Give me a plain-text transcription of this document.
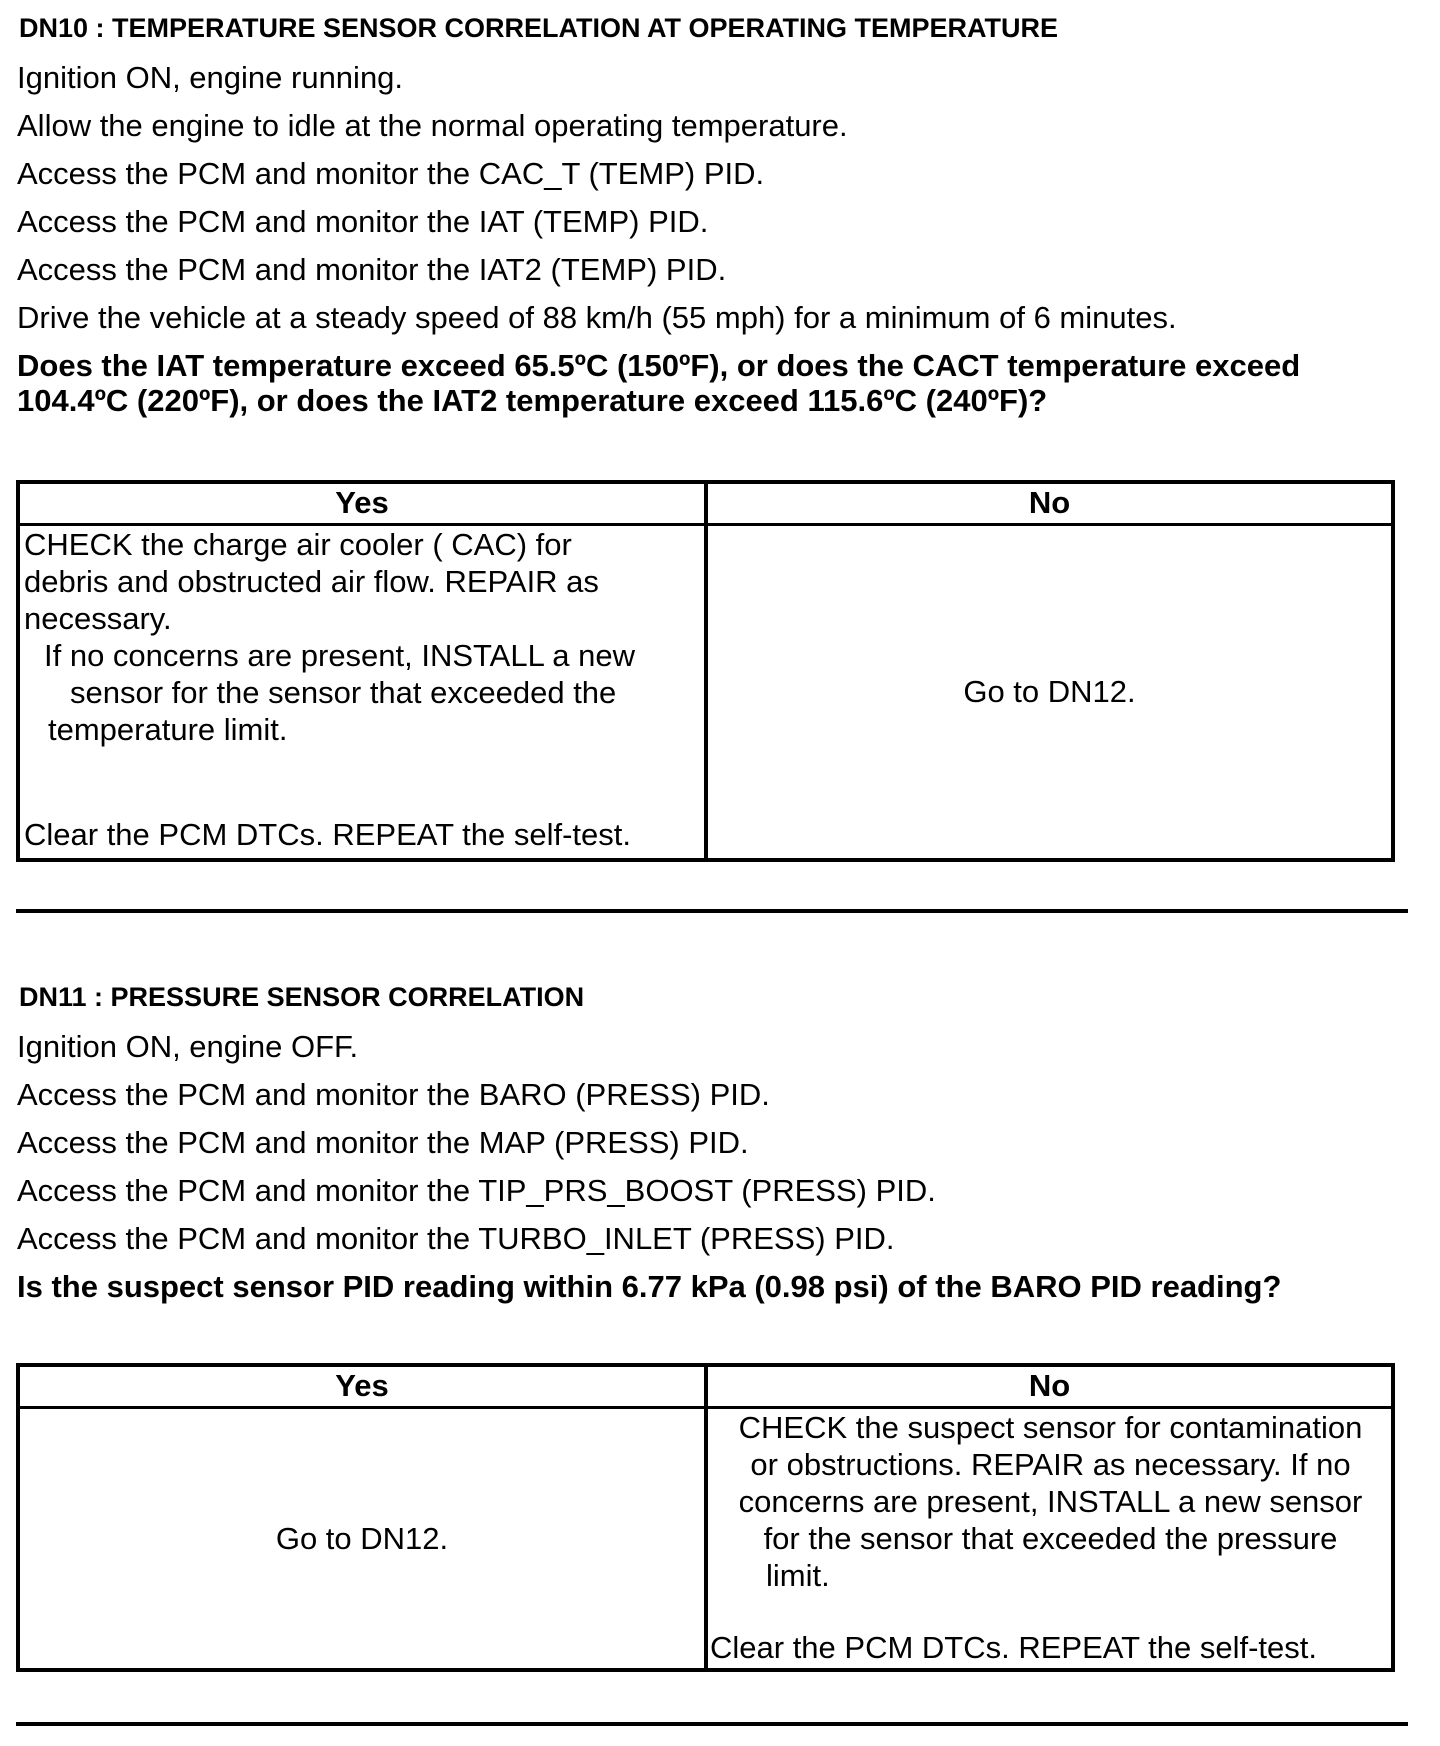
DN10 : TEMPERATURE SENSOR CORRELATION AT OPERATING TEMPERATURE
Ignition ON, engine running.
Allow the engine to idle at the normal operating temperature.
Access the PCM and monitor the CAC_T (TEMP) PID.
Access the PCM and monitor the IAT (TEMP) PID.
Access the PCM and monitor the IAT2 (TEMP) PID.
Drive the vehicle at a steady speed of 88 km/h (55 mph) for a minimum of 6 minutes.
Does the IAT temperature exceed 65.5ºC (150ºF), or does the CACT temperature exceed
104.4ºC (220ºF), or does the IAT2 temperature exceed 115.6ºC (240ºF)?
Yes	No
CHECK the charge air cooler ( CAC) for
debris and obstructed air flow. REPAIR as
necessary.
If no concerns are present, INSTALL a new
sensor for the sensor that exceeded the
temperature limit.
Clear the PCM DTCs. REPEAT the self-test.
Go to DN12.
DN11 : PRESSURE SENSOR CORRELATION
Ignition ON, engine OFF.
Access the PCM and monitor the BARO (PRESS) PID.
Access the PCM and monitor the MAP (PRESS) PID.
Access the PCM and monitor the TIP_PRS_BOOST (PRESS) PID.
Access the PCM and monitor the TURBO_INLET (PRESS) PID.
Is the suspect sensor PID reading within 6.77 kPa (0.98 psi) of the BARO PID reading?
Yes	No
Go to DN12.
CHECK the suspect sensor for contamination
or obstructions. REPAIR as necessary. If no
concerns are present, INSTALL a new sensor
for the sensor that exceeded the pressure
limit.
Clear the PCM DTCs. REPEAT the self-test.
